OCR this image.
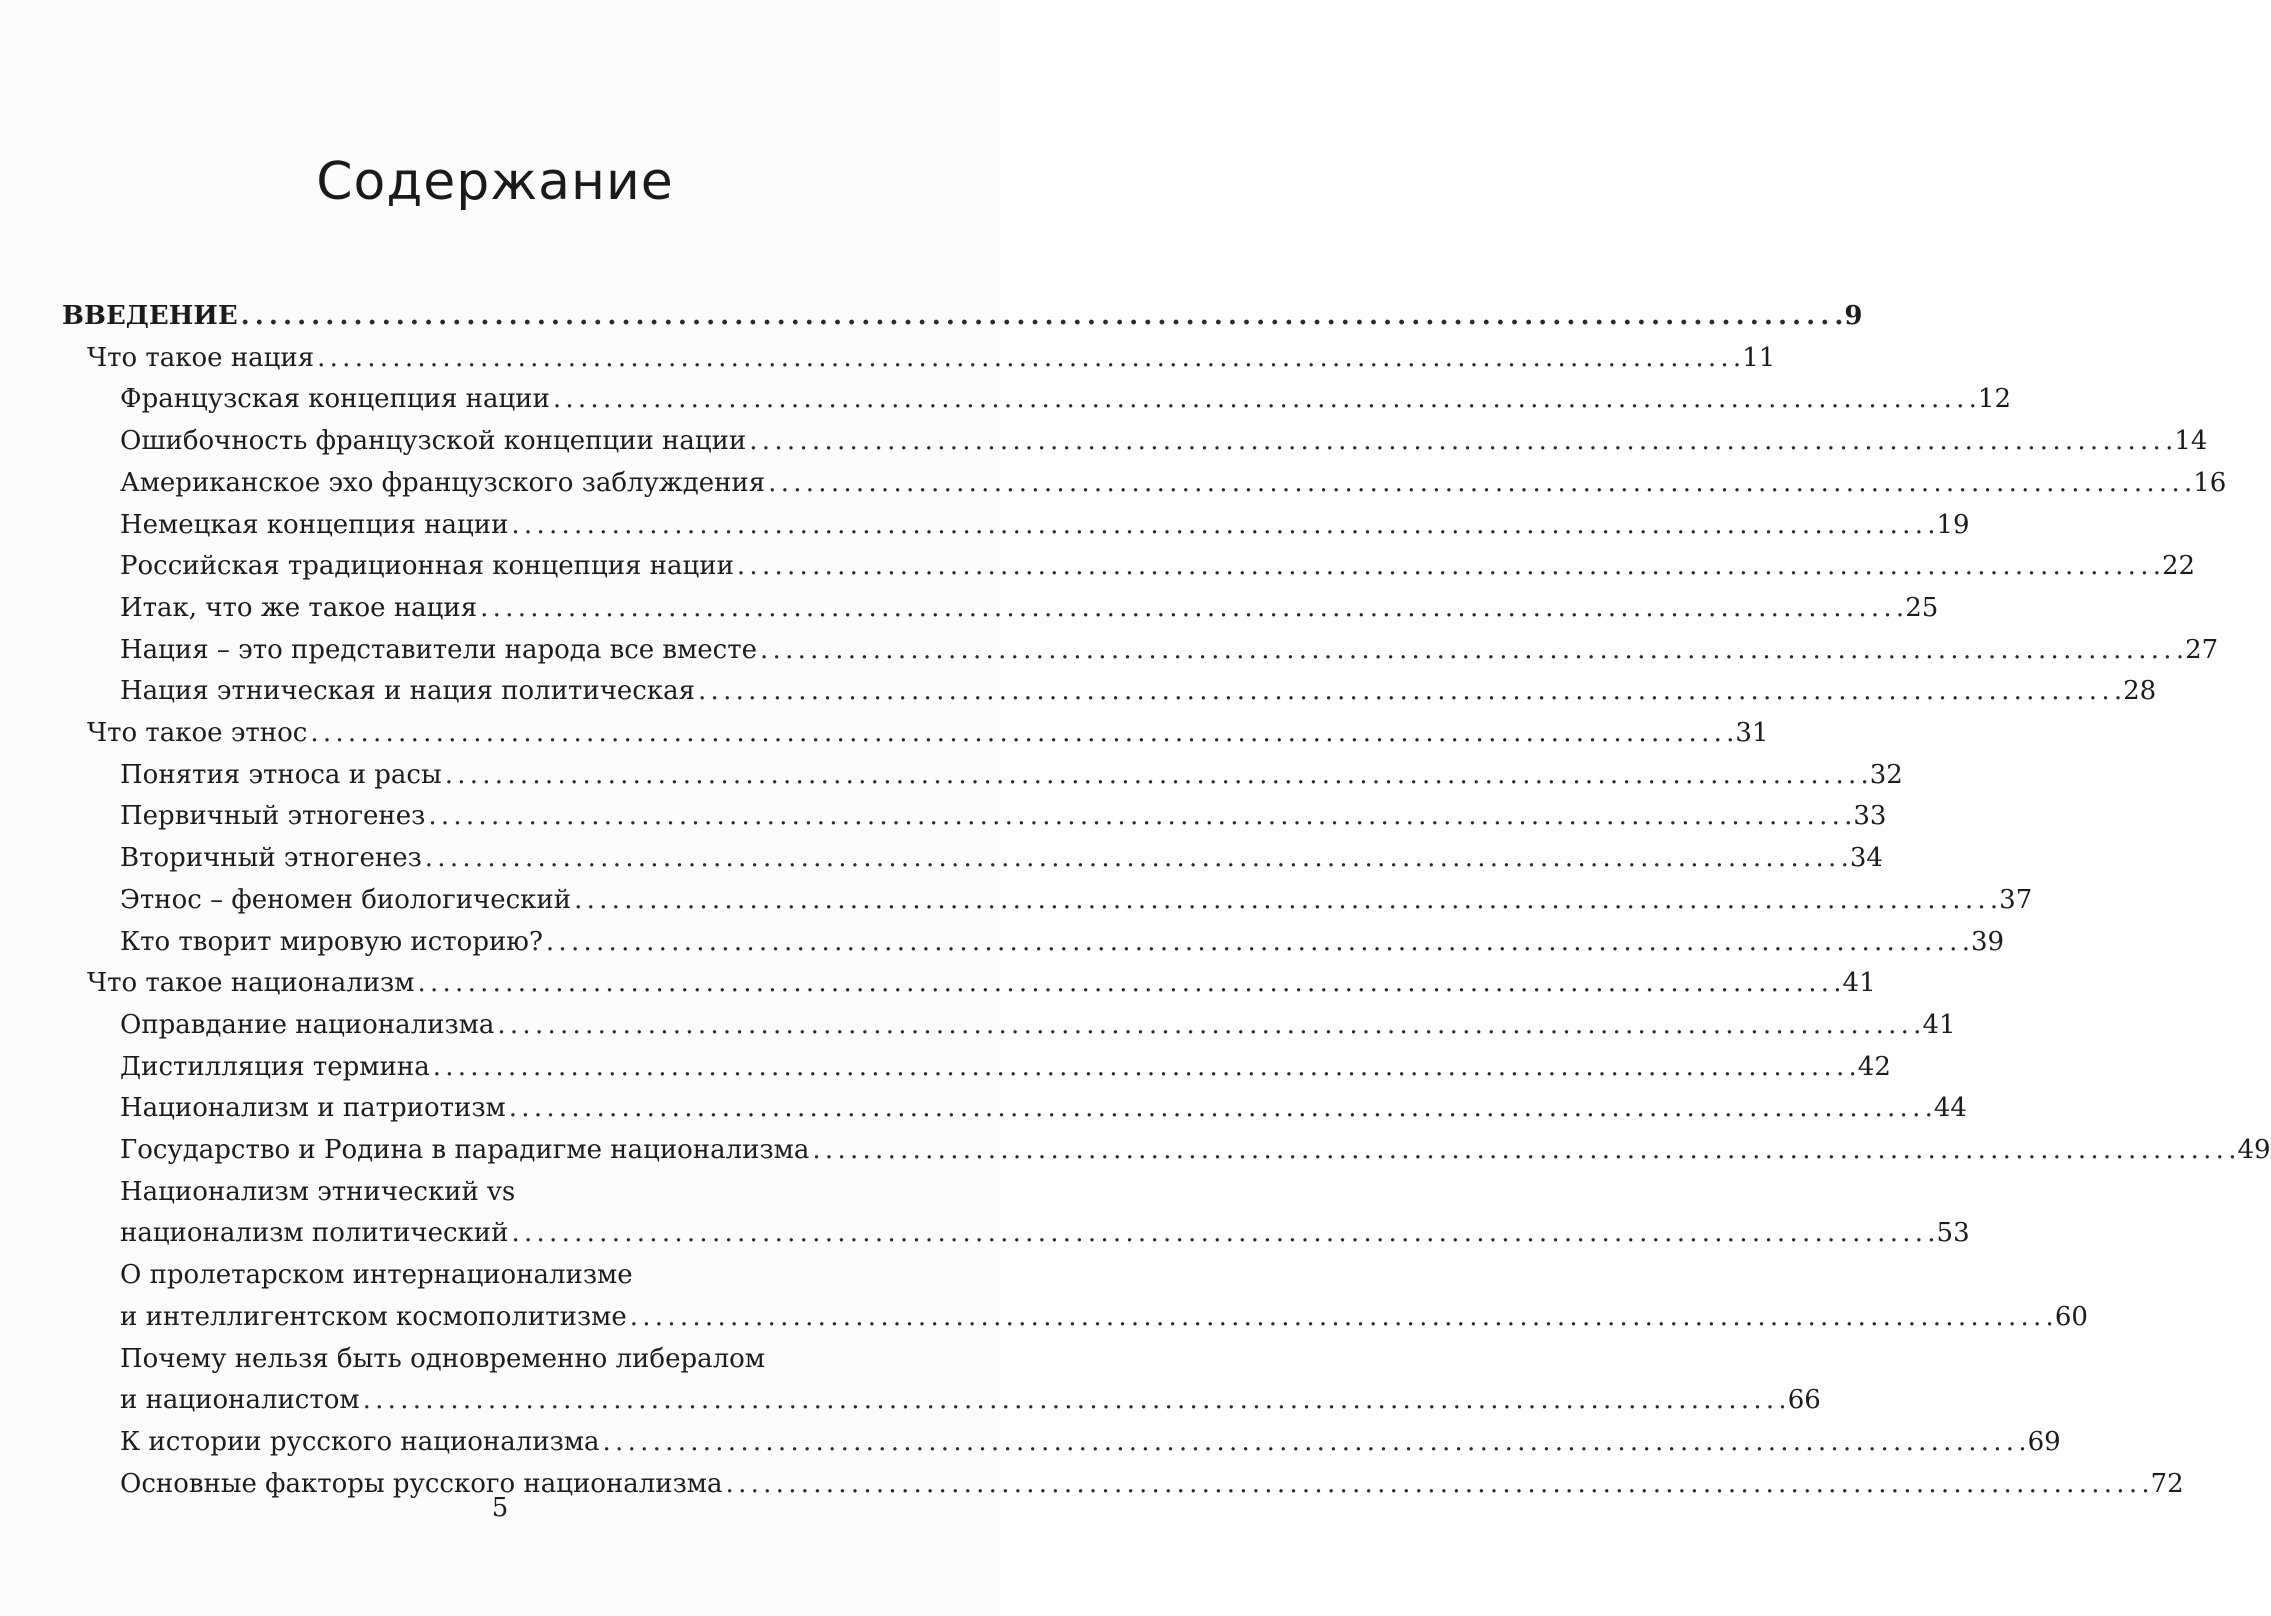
Содержание
ВВЕДЕНИЕ . . .	9
Что такое нация . . .	11
Французская концепция нации . . .	12
Ошибочность французской концепции нации . . .	14
Американское эхо французского заблуждения . . .	16
Немецкая концепция нации . . .	19
Российская традиционная концепция нации . . .	22
Итак, что же такое нация . . .	25
Нация – это представители народа все вместе . . .	27
Нация этническая и нация политическая . . .	28
Что такое этнос . . .	31
Понятия этноса и расы . . .	32
Первичный этногенез . . .	33
Вторичный этногенез . . .	34
Этнос – феномен биологический . . .	37
Кто творит мировую историю? . . .	39
Что такое национализм . . .	41
Оправдание национализма . . .	41
Дистилляция термина . . .	42
Национализм и патриотизм . . .	44
Государство и Родина в парадигме национализма . . .	49
Национализм этнический vs
национализм политический . . .	53
О пролетарском интернационализме
и интеллигентском космополитизме . . .	60
Почему нельзя быть одновременно либералом
и националистом . . .	66
К истории русского национализма . . .	69
Основные факторы русского национализма . . .	72
5
